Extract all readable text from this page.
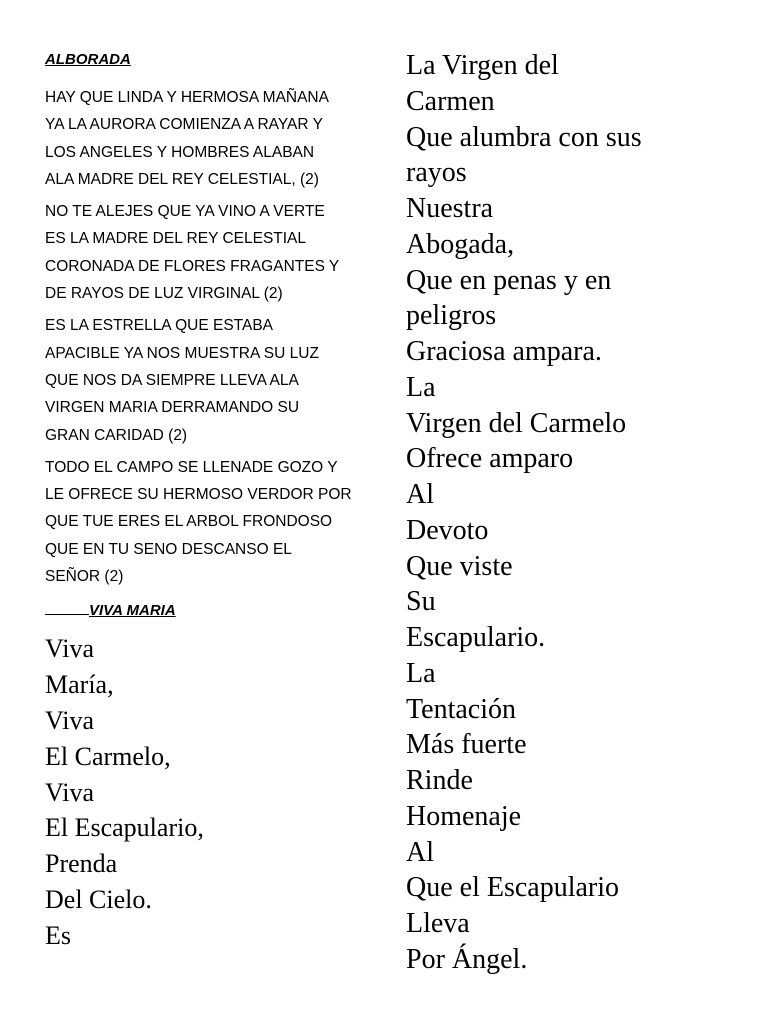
ALBORADA
HAY QUE LINDA Y HERMOSA MAÑANA
YA LA AURORA COMIENZA A RAYAR Y
LOS ANGELES Y HOMBRES ALABAN
ALA MADRE DEL REY CELESTIAL, (2)
NO TE ALEJES QUE YA VINO A VERTE
ES LA MADRE DEL REY CELESTIAL
CORONADA DE FLORES FRAGANTES Y
DE RAYOS DE LUZ VIRGINAL (2)
ES LA ESTRELLA QUE ESTABA
APACIBLE YA NOS MUESTRA SU LUZ
QUE NOS DA SIEMPRE LLEVA ALA
VIRGEN MARIA DERRAMANDO SU
GRAN CARIDAD (2)
TODO EL CAMPO SE LLENADE GOZO Y
LE OFRECE SU HERMOSO VERDOR POR
QUE TUE ERES EL ARBOL FRONDOSO
QUE EN TU SENO DESCANSO EL
SEÑOR (2)
VIVA MARIA
Viva
María,
Viva
El Carmelo,
Viva
El Escapulario,
Prenda
Del Cielo.
Es
La Virgen del
Carmen
Que alumbra con sus
rayos
Nuestra
Abogada,
Que en penas y en
peligros
Graciosa ampara.
La
Virgen del Carmelo
Ofrece amparo
Al
Devoto
Que viste
Su
Escapulario.
La
Tentación
Más fuerte
Rinde
Homenaje
Al
Que el Escapulario
Lleva
Por Ángel.
